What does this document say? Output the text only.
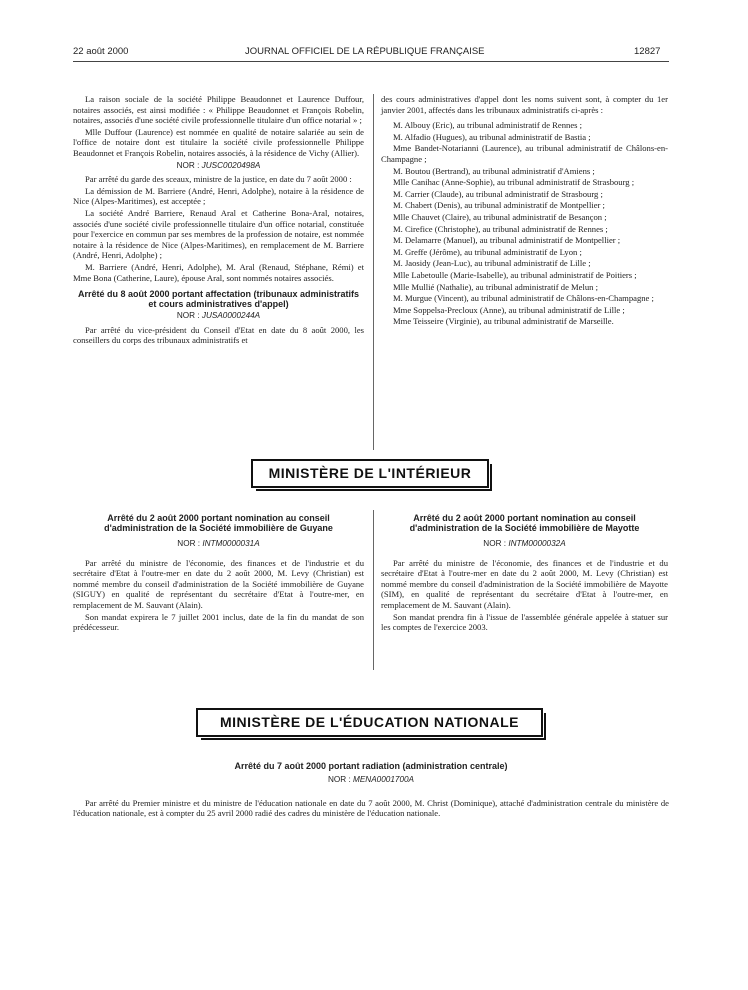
22 août 2000	JOURNAL OFFICIEL DE LA RÉPUBLIQUE FRANÇAISE	12827

La raison sociale de la société Philippe Beaudonnet et Laurence Duffour, notaires associés, est ainsi modifiée : « Philippe Beaudonnet et François Robelin, notaires, associés d'une société civile professionnelle titulaire d'un office notarial » ;

Mlle Duffour (Laurence) est nommée en qualité de notaire salariée au sein de l'office de notaire dont est titulaire la société civile professionnelle Philippe Beaudonnet et François Robelin, notaires associés, à la résidence de Vichy (Allier).

NOR : JUSC0020498A

Par arrêté du garde des sceaux, ministre de la justice, en date du 7 août 2000 :

La démission de M. Barriere (André, Henri, Adolphe), notaire à la résidence de Nice (Alpes-Maritimes), est acceptée ;

La société André Barriere, Renaud Aral et Catherine Bona-Aral, notaires, associés d'une société civile professionnelle titulaire d'un office notarial, constituée pour l'exercice en commun par ses membres de la profession de notaire, est nommée notaire à la résidence de Nice (Alpes-Maritimes), en remplacement de M. Barriere (André, Henri, Adolphe) ;

M. Barriere (André, Henri, Adolphe), M. Aral (Renaud, Stéphane, Rémi) et Mme Bona (Catherine, Laure), épouse Aral, sont nommés notaires associés.

Arrêté du 8 août 2000 portant affectation (tribunaux administratifs et cours administratives d'appel)
NOR : JUSA0000244A

Par arrêté du vice-président du Conseil d'Etat en date du 8 août 2000, les conseillers du corps des tribunaux administratifs et

des cours administratives d'appel dont les noms suivent sont, à compter du 1er janvier 2001, affectés dans les tribunaux administratifs ci-après :

M. Albouy (Eric), au tribunal administratif de Rennes ;

M. Alfadio (Hugues), au tribunal administratif de Bastia ;

Mme Bandet-Notarianni (Laurence), au tribunal administratif de Châlons-en-Champagne ;

M. Boutou (Bertrand), au tribunal administratif d'Amiens ;

Mlle Canihac (Anne-Sophie), au tribunal administratif de Strasbourg ;

M. Carrier (Claude), au tribunal administratif de Strasbourg ;

M. Chabert (Denis), au tribunal administratif de Montpellier ;

Mlle Chauvet (Claire), au tribunal administratif de Besançon ;

M. Cirefice (Christophe), au tribunal administratif de Rennes ;

M. Delamarre (Manuel), au tribunal administratif de Montpellier ;

M. Greffe (Jérôme), au tribunal administratif de Lyon ;

M. Jaosidy (Jean-Luc), au tribunal administratif de Lille ;

Mlle Labetoulle (Marie-Isabelle), au tribunal administratif de Poitiers ;

Mlle Mullié (Nathalie), au tribunal administratif de Melun ;

M. Murgue (Vincent), au tribunal administratif de Châlons-en-Champagne ;

Mme Soppelsa-Precloux (Anne), au tribunal administratif de Lille ;

Mme Teisseire (Virginie), au tribunal administratif de Marseille.

MINISTÈRE DE L'INTÉRIEUR
Arrêté du 2 août 2000 portant nomination au conseil d'administration de la Société immobilière de Guyane
NOR : INTM0000031A

Par arrêté du ministre de l'économie, des finances et de l'industrie et du secrétaire d'Etat à l'outre-mer en date du 2 août 2000, M. Levy (Christian) est nommé membre du conseil d'administration de la Société immobilière de Guyane (SIGUY) en qualité de représentant du secrétaire d'Etat à l'outre-mer, en remplacement de M. Sauvant (Alain).

Son mandat expirera le 7 juillet 2001 inclus, date de la fin du mandat de son prédécesseur.

Arrêté du 2 août 2000 portant nomination au conseil d'administration de la Société immobilière de Mayotte
NOR : INTM0000032A

Par arrêté du ministre de l'économie, des finances et de l'industrie et du secrétaire d'Etat à l'outre-mer en date du 2 août 2000, M. Levy (Christian) est nommé membre du conseil d'administration de la Société immobilière de Mayotte (SIM), en qualité de représentant du secrétaire d'Etat à l'outre-mer, en remplacement de M. Sauvant (Alain).

Son mandat prendra fin à l'issue de l'assemblée générale appelée à statuer sur les comptes de l'exercice 2003.

MINISTÈRE DE L'ÉDUCATION NATIONALE
Arrêté du 7 août 2000 portant radiation (administration centrale)
NOR : MENA0001700A

Par arrêté du Premier ministre et du ministre de l'éducation nationale en date du 7 août 2000, M. Christ (Dominique), attaché d'administration centrale du ministère de l'éducation nationale, est à compter du 25 avril 2000 radié des cadres du ministère de l'éducation nationale.
